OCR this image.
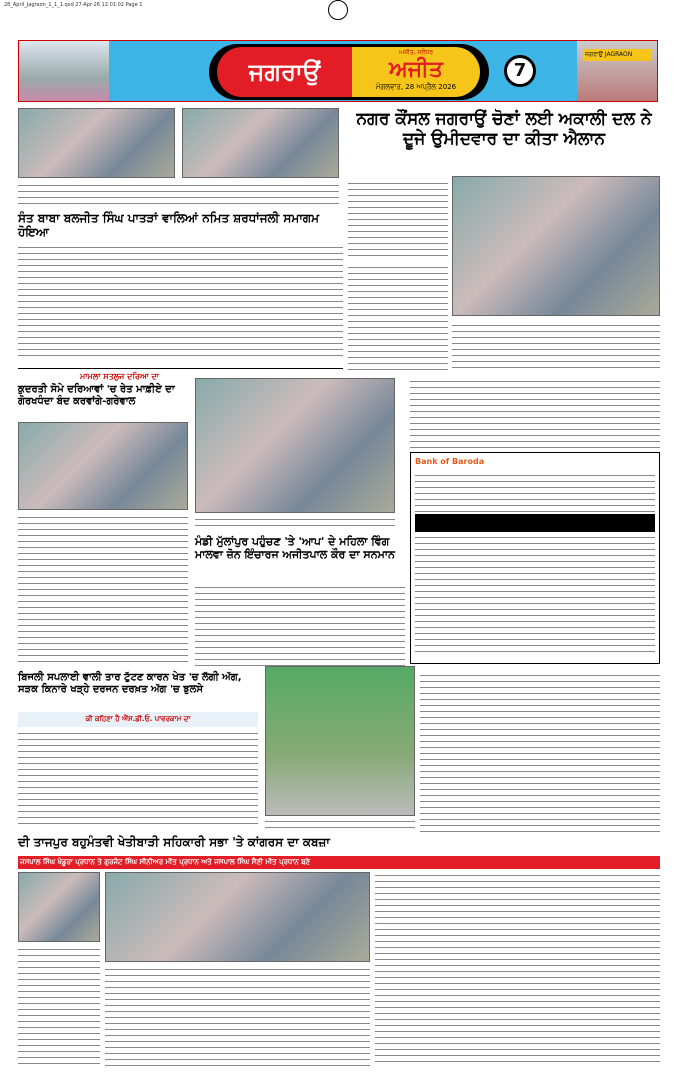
28_April_Jagraon_1_1_1.qxd 27-Apr-26 12:01:02 Page 1
ਜਗਰਾਉਂ JAGRAON
ਜਗਰਾਉਂ
ਅਜੀਤ, ਜਲੰਧਰ
ਅਜੀਤ
ਮੰਗਲਵਾਰ, 28 ਅਪ੍ਰੈਲ 2026
7
ਨਗਰ ਕੌਂਸਲ ਜਗਰਾਉਂ ਚੋਣਾਂ ਲਈ ਅਕਾਲੀ ਦਲ ਨੇ ਦੂਜੇ ਉਮੀਦਵਾਰ ਦਾ ਕੀਤਾ ਐਲਾਨ
ਸੰਤ ਬਾਬਾ ਬਲਜੀਤ ਸਿੰਘ ਪਾਤੜਾਂ ਵਾਲਿਆਂ ਨਮਿਤ ਸ਼ਰਧਾਂਜਲੀ ਸਮਾਗਮ ਹੋਇਆ
ਮਾਮਲਾ ਸਤਲੁਜ ਦਰਿਆ ਦਾ
ਕੁਦਰਤੀ ਸੋਮੇ ਦਰਿਆਵਾਂ 'ਚ ਰੇਤ ਮਾਫ਼ੀਏ ਦਾ ਗੋਰਖਧੰਦਾ ਬੰਦ ਕਰਵਾਂਗੇ-ਗਰੇਵਾਲ
ਮੰਡੀ ਮੁੱਲਾਂਪੁਰ ਪਹੁੰਚਣ 'ਤੇ 'ਆਪ' ਦੇ ਮਹਿਲਾ ਵਿੰਗ ਮਾਲਵਾ ਜ਼ੋਨ ਇੰਚਾਰਜ ਅਜੀਤਪਾਲ ਕੌਰ ਦਾ ਸਨਮਾਨ
Bank of Baroda
ਬਿਜਲੀ ਸਪਲਾਈ ਵਾਲੀ ਤਾਰ ਟੁੱਟਣ ਕਾਰਨ ਖੇਤ 'ਚ ਲੱਗੀ ਅੱਗ, ਸੜਕ ਕਿਨਾਰੇ ਖੜ੍ਹੇ ਦਰਜਨ ਦਰਖ਼ਤ ਅੱਗ 'ਚ ਝੁਲਸੇ
ਕੀ ਕਹਿਣਾ ਹੈ ਐੱਸ.ਡੀ.ਓ. ਪਾਵਰਕਾਮ ਦਾ
ਦੀ ਤਾਜਪੁਰ ਬਹੁਮੰਤਵੀ ਖੇਤੀਬਾੜੀ ਸਹਿਕਾਰੀ ਸਭਾ 'ਤੇ ਕਾਂਗਰਸ ਦਾ ਕਬਜ਼ਾ
ਜਸਪਾਲ ਸਿੰਘ ਖੰਡੂਰਾ ਪ੍ਰਧਾਨ ਤੇ ਗੁਰਜੰਟ ਸਿੰਘ ਸੀਨੀਅਰ ਮੀਤ ਪ੍ਰਧਾਨ ਅਤੇ ਜਸਪਾਲ ਸਿੰਘ ਸੈਣੀ ਮੀਤ ਪ੍ਰਧਾਨ ਬਣੇ
